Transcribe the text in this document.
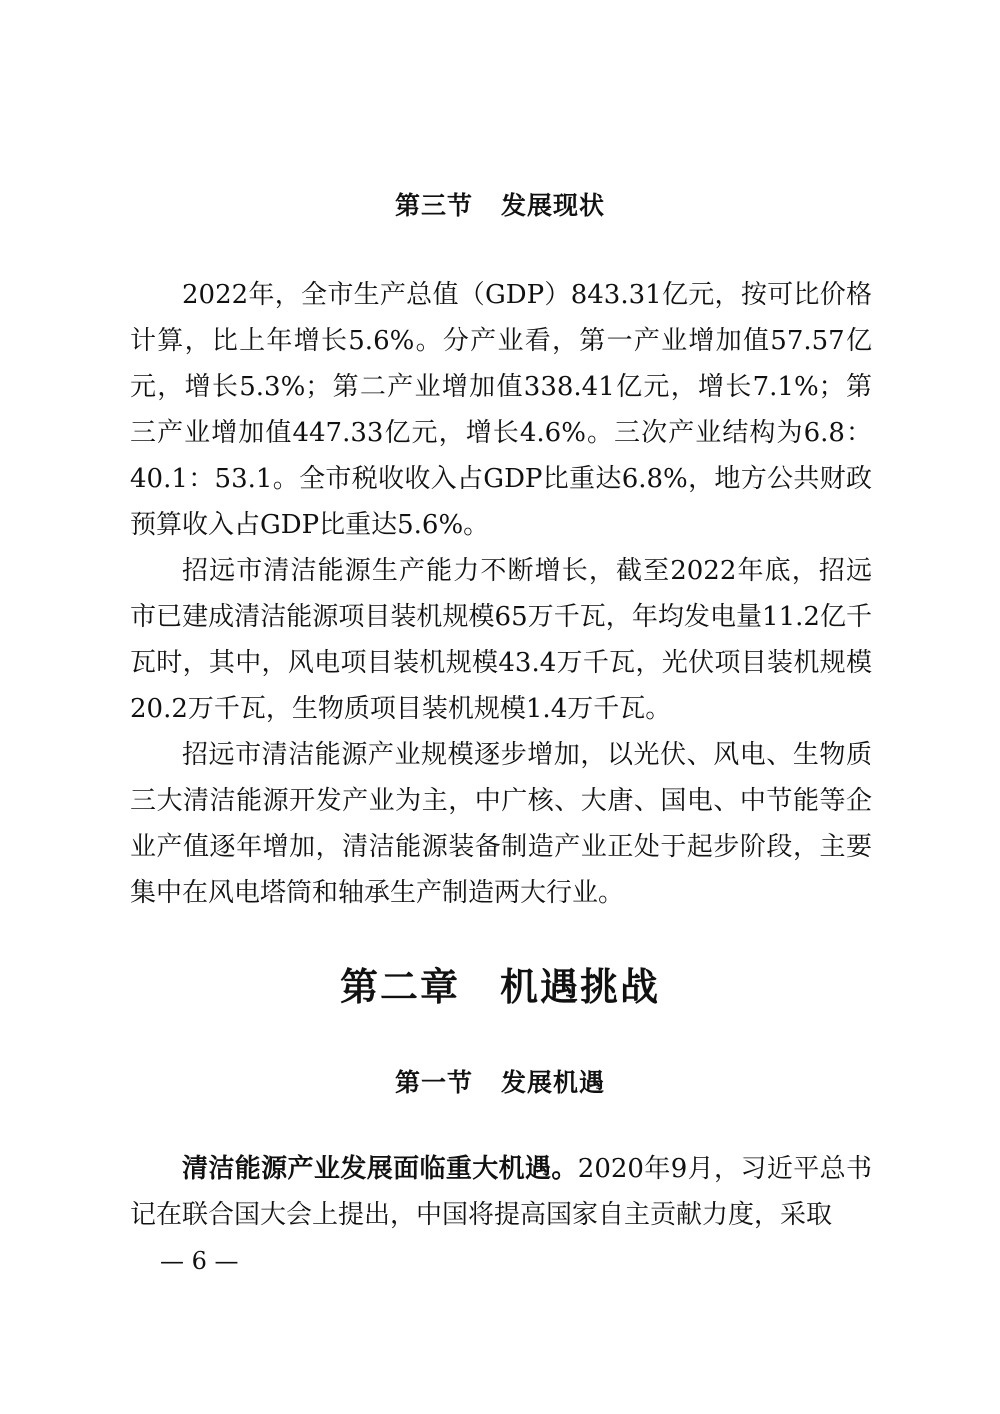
第三节 发展现状

2022年，全市生产总值（GDP）843.31亿元，按可比价格计算，比上年增长5.6%。分产业看，第一产业增加值57.57亿元，增长5.3%；第二产业增加值338.41亿元，增长7.1%；第三产业增加值447.33亿元，增长4.6%。三次产业结构为6.8：40.1：53.1。全市税收收入占GDP比重达6.8%，地方公共财政预算收入占GDP比重达5.6%。

招远市清洁能源生产能力不断增长，截至2022年底，招远市已建成清洁能源项目装机规模65万千瓦，年均发电量11.2亿千瓦时，其中，风电项目装机规模43.4万千瓦，光伏项目装机规模20.2万千瓦，生物质项目装机规模1.4万千瓦。

招远市清洁能源产业规模逐步增加，以光伏、风电、生物质三大清洁能源开发产业为主，中广核、大唐、国电、中节能等企业产值逐年增加，清洁能源装备制造产业正处于起步阶段，主要集中在风电塔筒和轴承生产制造两大行业。

第二章 机遇挑战
第一节 发展机遇

清洁能源产业发展面临重大机遇。2020年9月，习近平总书记在联合国大会上提出，中国将提高国家自主贡献力度，采取

— 6 —
